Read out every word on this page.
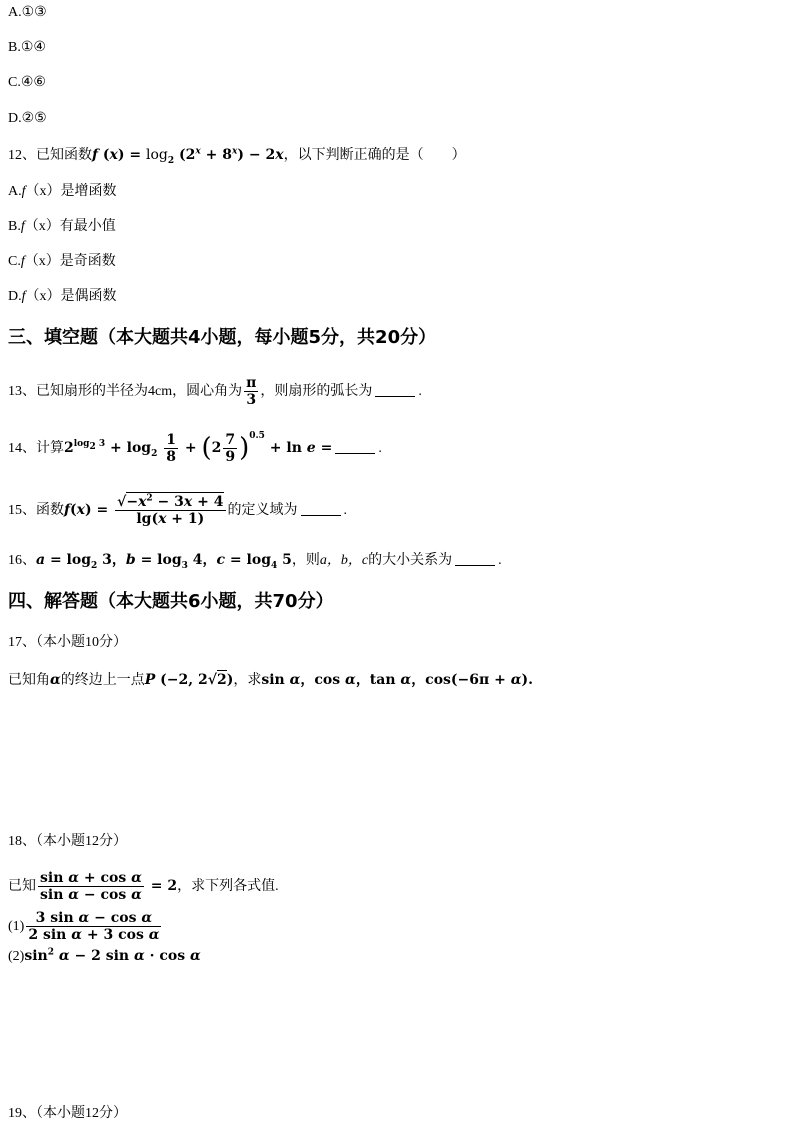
A.①③
B.①④
C.④⑥
D.②⑤
12、已知函数f $(x) = \log_2 (2^x + 8^x) - 2x$，以下判断正确的是（　　）
A.f（x）是增函数
B.f（x）有最小值
C.f（x）是奇函数
D.f（x）是偶函数
三、填空题（本大题共4小题，每小题5分，共20分）
13、已知扇形的半径为4cm，圆心角为 $\frac{\pi}{3}$ ，则扇形的弧长为	.
14、计算$2^{log_2 3} + \log_2 \frac{1}{8} + (2 \frac{7}{9} )^{0.5} + \ln e$ =	.
15、函数$f(x) = \frac{√-x^2 - 3x + 4}{\lg(x + 1)}$ 的定义域为	.
16、$a = \log_2 3$，$b = \log_3 4$，$c = \log_4 5$，则a，b，c的大小关系为	.
四、解答题（本大题共6小题，共70分）
17、（本小题10分）
已知角α的终边上一点P (−2, 2√2)，求sin α，cos α，tan α，cos(−6π + α).
18、（本小题12分）
已知 $\frac{\text{sin α + cos α}}{\text{sin α − cos α}} = 2$，求下列各式值.
$(1) \frac{\text{3 sin α − cos α}}{\text{2 sin α + 3 cos α}}$
$(2)\sin^2$ α − 2 sin α · cos α
19、（本小题12分）
